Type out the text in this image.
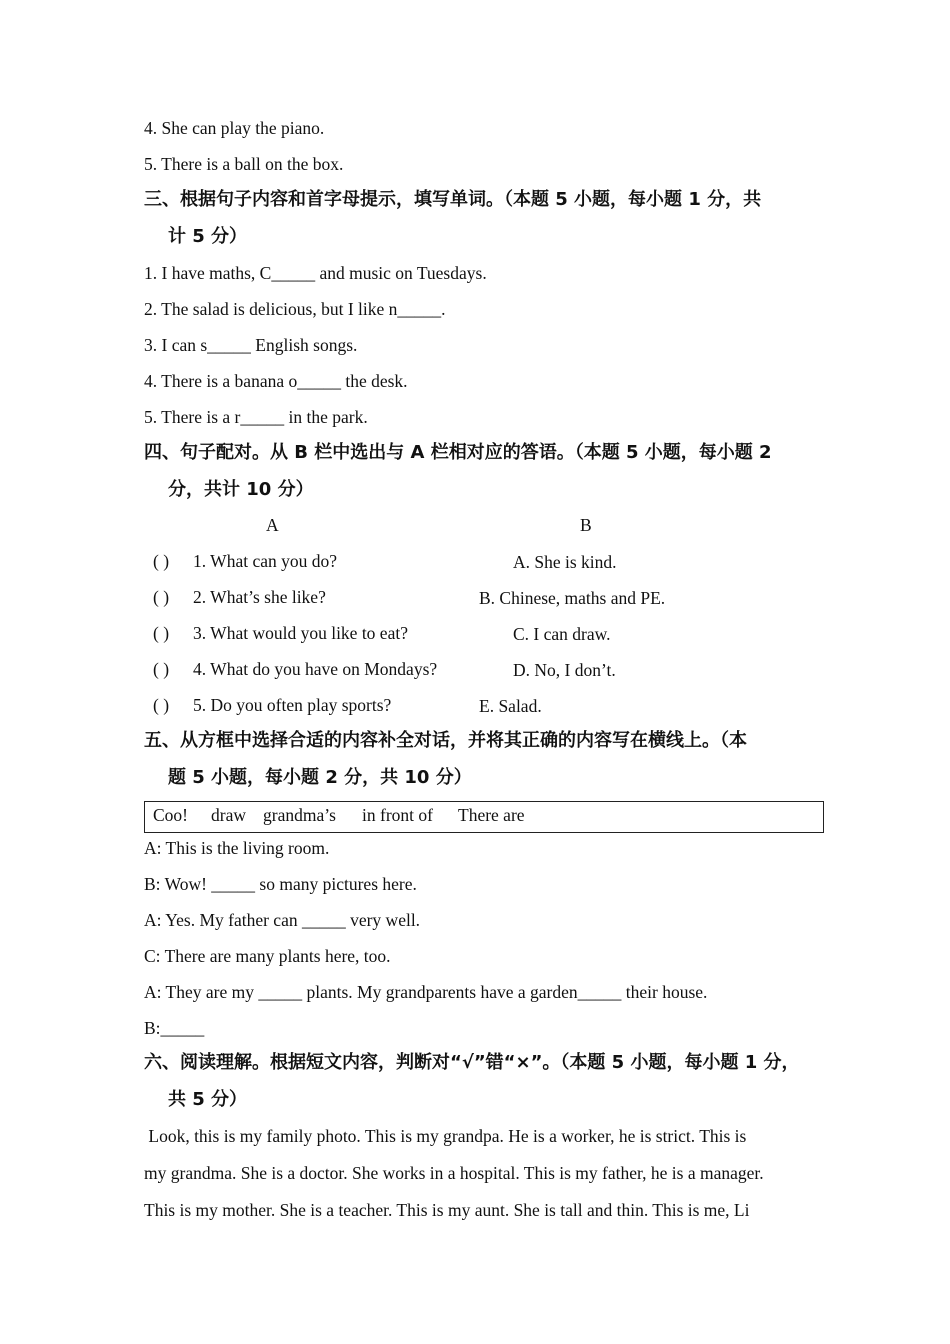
4. She can play the piano.
5. There is a ball on the box.
三、根据句子内容和首字母提示，填写单词。（本题 5 小题，每小题 1 分，共
计 5 分）
1. I have maths, C_____ and music on Tuesdays.
2. The salad is delicious, but I like n_____.
3. I can s_____ English songs.
4. There is a banana o_____ the desk.
5. There is a r_____ in the park.
四、句子配对。从 B 栏中选出与 A 栏相对应的答语。（本题 5 小题，每小题 2
分，共计 10 分）
A	B
( ) 1. What can you do?	A. She is kind.
( ) 2. What’s she like?	B. Chinese, maths and PE.
( ) 3. What would you like to eat?	C. I can draw.
( ) 4. What do you have on Mondays?	D. No, I don’t.
( ) 5. Do you often play sports?	E. Salad.
五、从方框中选择合适的内容补全对话，并将其正确的内容写在横线上。（本
题 5 小题，每小题 2 分，共 10 分）
Coo! draw grandma’s in front of There are
A: This is the living room.
B: Wow! _____ so many pictures here.
A: Yes. My father can _____ very well.
C: There are many plants here, too.
A: They are my _____ plants. My grandparents have a garden_____ their house.
B:_____
六、阅读理解。根据短文内容，判断对“√”错“×”。（本题 5 小题，每小题 1 分，
共 5 分）
Look, this is my family photo. This is my grandpa. He is a worker, he is strict. This is
my grandma. She is a doctor. She works in a hospital. This is my father, he is a manager.
This is my mother. She is a teacher. This is my aunt. She is tall and thin. This is me, Li
